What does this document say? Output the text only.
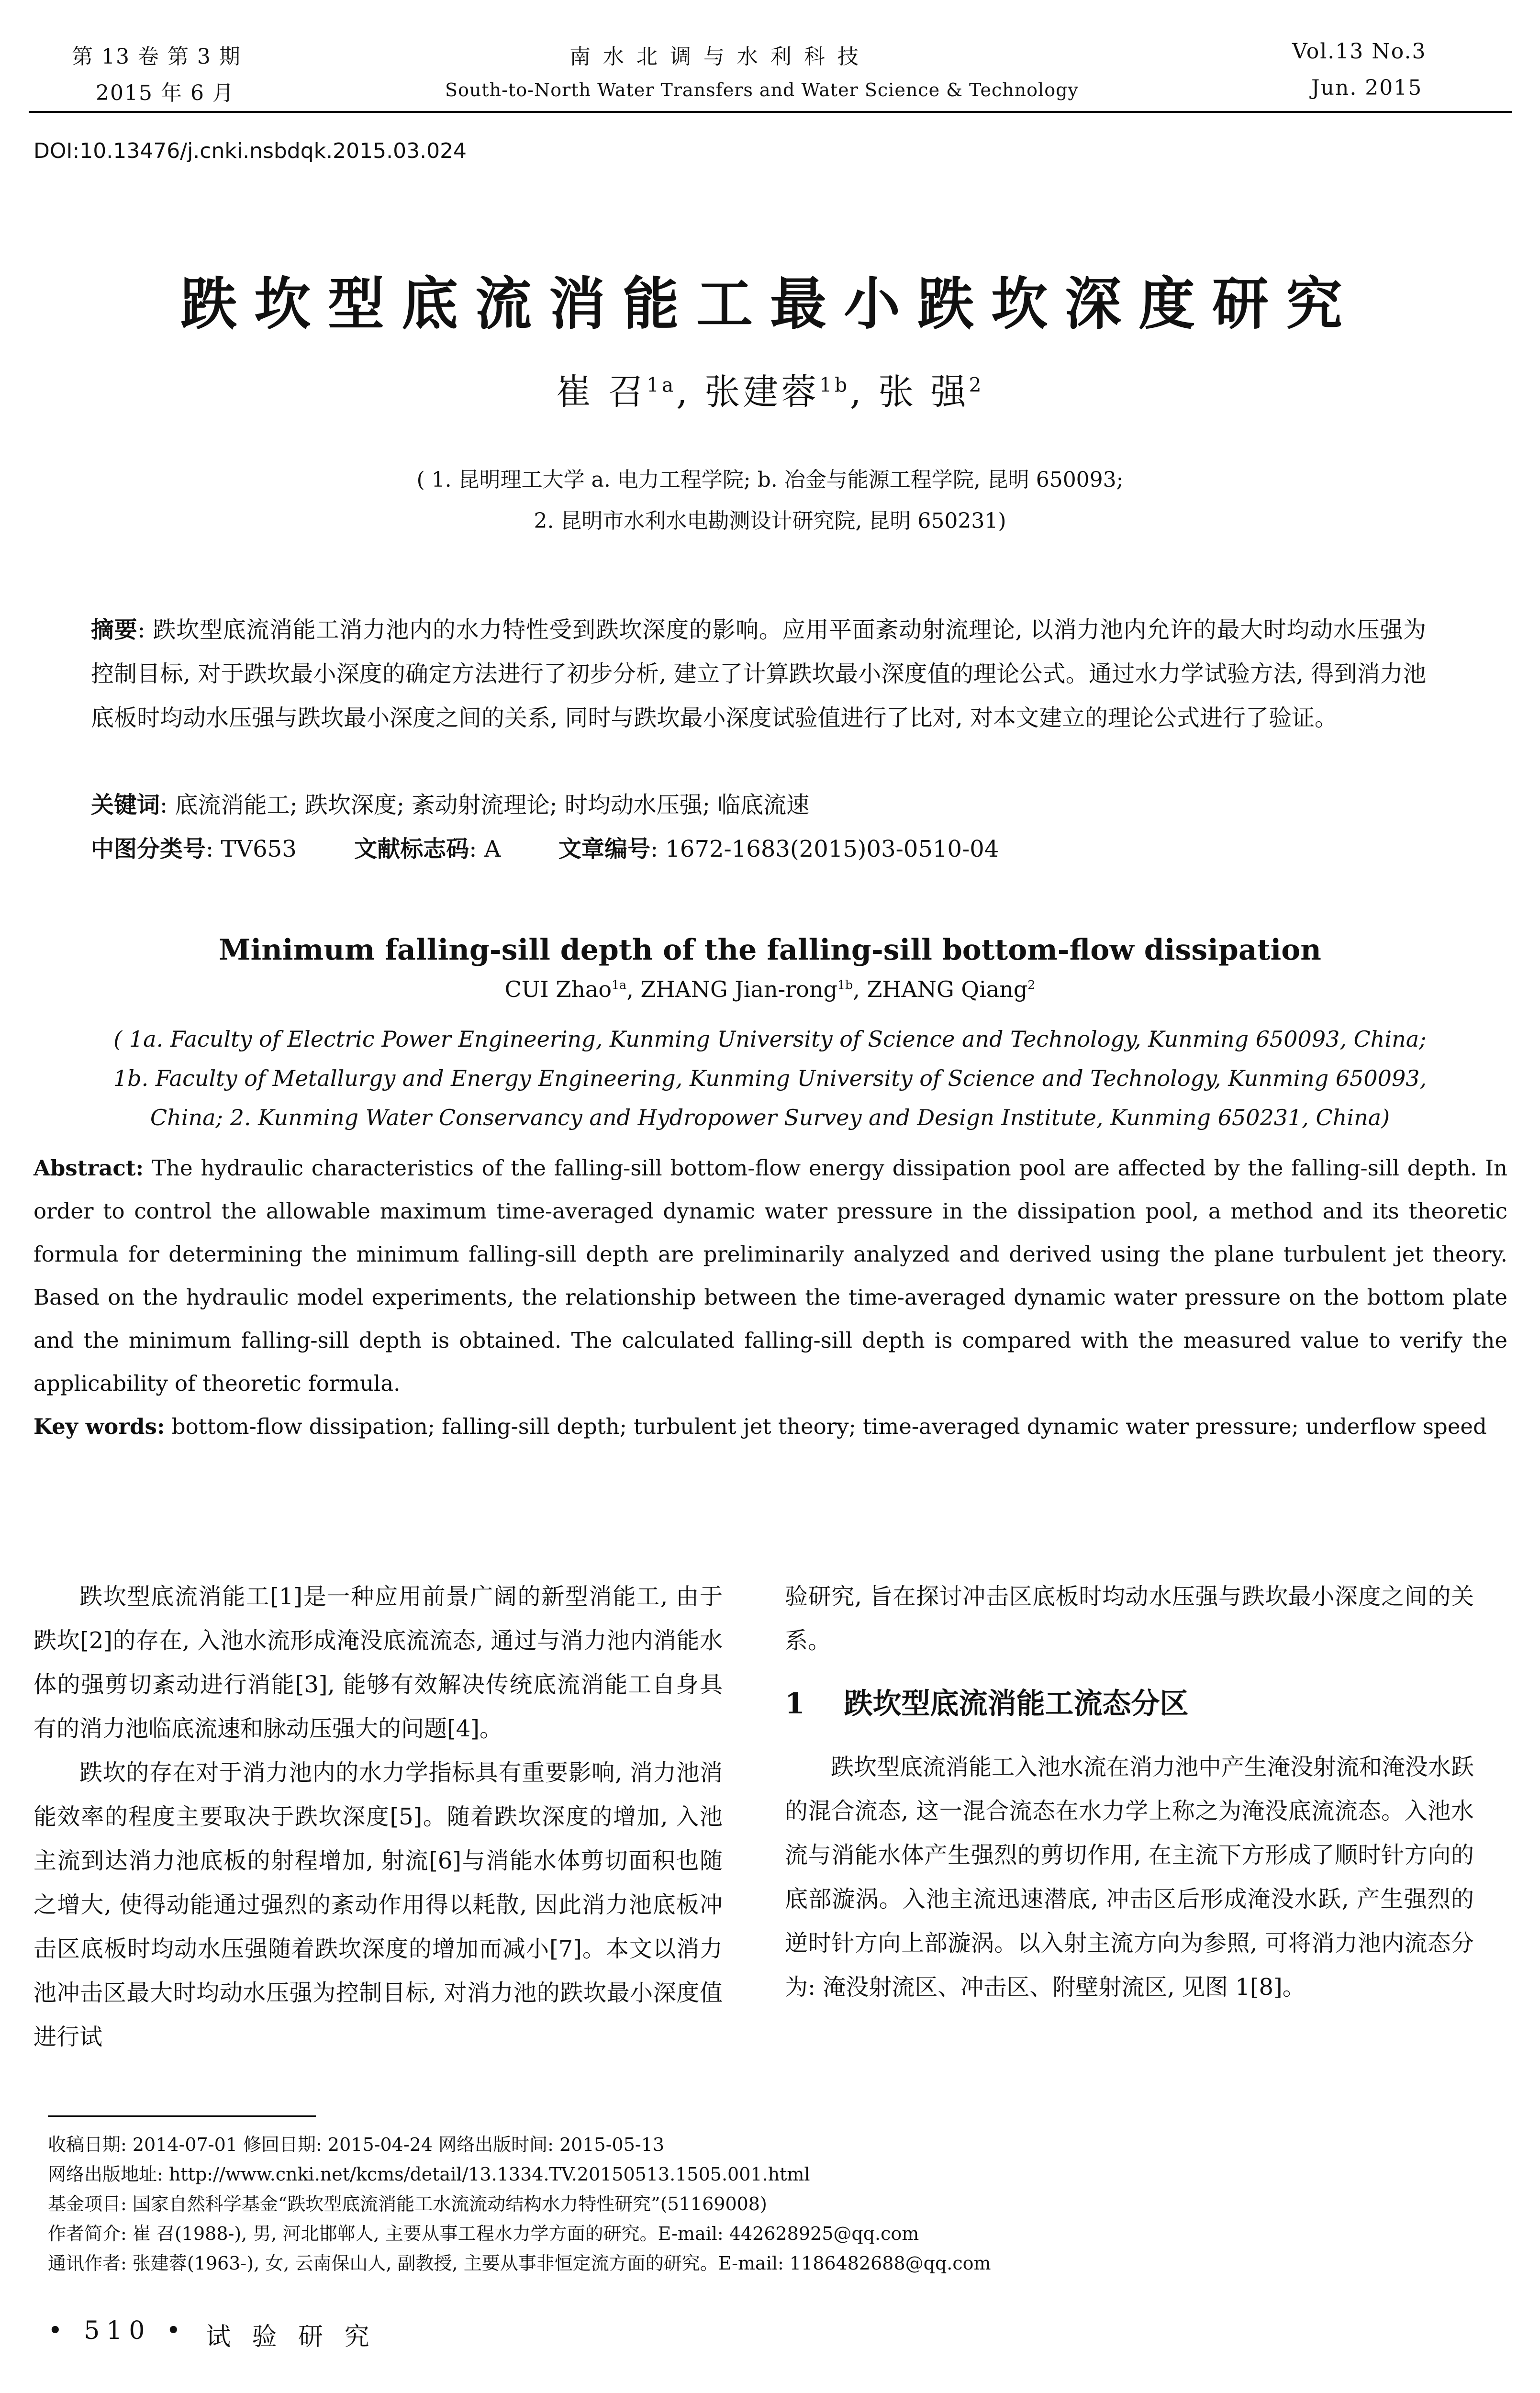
第 13 卷 第 3 期
2015 年 6 月
南 水 北 调 与 水 利 科 技
South-to-North Water Transfers and Water Science & Technology
Vol.13 No.3
Jun. 2015
DOI:10.13476/j.cnki.nsbdqk.2015.03.024
跌坎型底流消能工最小跌坎深度研究
崔 召$^{1a}$, 张建蓉$^{1b}$, 张 强$^2$
( 1. 昆明理工大学 a. 电力工程学院; b. 冶金与能源工程学院, 昆明 650093;
2. 昆明市水利水电勘测设计研究院, 昆明 650231)
摘要: 跌坎型底流消能工消力池内的水力特性受到跌坎深度的影响。应用平面紊动射流理论, 以消力池内允许的最大时均动水压强为控制目标, 对于跌坎最小深度的确定方法进行了初步分析, 建立了计算跌坎最小深度值的理论公式。通过水力学试验方法, 得到消力池底板时均动水压强与跌坎最小深度之间的关系, 同时与跌坎最小深度试验值进行了比对, 对本文建立的理论公式进行了验证。
关键词: 底流消能工; 跌坎深度; 紊动射流理论; 时均动水压强; 临底流速
中图分类号: TV653	文献标志码: A	文章编号: 1672-1683(2015)03-0510-04
Minimum falling-sill depth of the falling-sill bottom-flow dissipation
CUI Zhao$^{1a}$, ZHANG Jian-rong$^{1b}$, ZHANG Qiang$^2$
( 1a. Faculty of Electric Power Engineering, Kunming University of Science and Technology, Kunming 650093, China;
1b. Faculty of Metallurgy and Energy Engineering, Kunming University of Science and Technology, Kunming 650093,
China; 2. Kunming Water Conservancy and Hydropower Survey and Design Institute, Kunming 650231, China)
Abstract: The hydraulic characteristics of the falling-sill bottom-flow energy dissipation pool are affected by the falling-sill depth. In order to control the allowable maximum time-averaged dynamic water pressure in the dissipation pool, a method and its theoretic formula for determining the minimum falling-sill depth are preliminarily analyzed and derived using the plane turbulent jet theory. Based on the hydraulic model experiments, the relationship between the time-averaged dynamic water pressure on the bottom plate and the minimum falling-sill depth is obtained. The calculated falling-sill depth is compared with the measured value to verify the applicability of theoretic formula.
Key words: bottom-flow dissipation; falling-sill depth; turbulent jet theory; time-averaged dynamic water pressure; underflow speed

跌坎型底流消能工[1]是一种应用前景广阔的新型消能工, 由于跌坎[2]的存在, 入池水流形成淹没底流流态, 通过与消力池内消能水体的强剪切紊动进行消能[3], 能够有效解决传统底流消能工自身具有的消力池临底流速和脉动压强大的问题[4]。

跌坎的存在对于消力池内的水力学指标具有重要影响, 消力池消能效率的程度主要取决于跌坎深度[5]。随着跌坎深度的增加, 入池主流到达消力池底板的射程增加, 射流[6]与消能水体剪切面积也随之增大, 使得动能通过强烈的紊动作用得以耗散, 因此消力池底板冲击区底板时均动水压强随着跌坎深度的增加而减小[7]。本文以消力池冲击区最大时均动水压强为控制目标, 对消力池的跌坎最小深度值进行试

验研究, 旨在探讨冲击区底板时均动水压强与跌坎最小深度之间的关系。

1 跌坎型底流消能工流态分区

跌坎型底流消能工入池水流在消力池中产生淹没射流和淹没水跃的混合流态, 这一混合流态在水力学上称之为淹没底流流态。入池水流与消能水体产生强烈的剪切作用, 在主流下方形成了顺时针方向的底部漩涡。入池主流迅速潜底, 冲击区后形成淹没水跃, 产生强烈的逆时针方向上部漩涡。以入射主流方向为参照, 可将消力池内流态分为: 淹没射流区、冲击区、附壁射流区, 见图 1[8]。

收稿日期: 2014-07-01 修回日期: 2015-04-24 网络出版时间: 2015-05-13
网络出版地址: http://www.cnki.net/kcms/detail/13.1334.TV.20150513.1505.001.html
基金项目: 国家自然科学基金“跌坎型底流消能工水流流动结构水力特性研究”(51169008)
作者简介: 崔 召(1988-), 男, 河北邯郸人, 主要从事工程水力学方面的研究。E-mail: 442628925@qq.com
通讯作者: 张建蓉(1963-), 女, 云南保山人, 副教授, 主要从事非恒定流方面的研究。E-mail: 1186482688@qq.com
• 510 • 试 验 研 究
